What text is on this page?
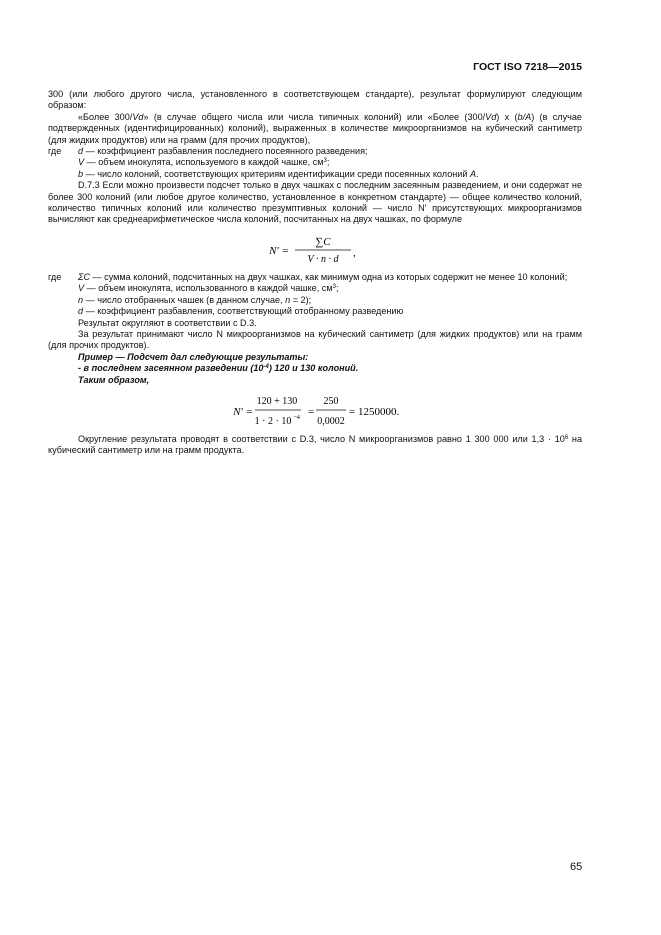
ГОСТ ISO 7218—2015

300 (или любого другого числа, установленного в соответствующем стандарте), результат формулируют следующим образом:

«Более 300/Vd» (в случае общего числа или числа типичных колоний) или «Более (300/Vd) x (b/A) (в случае подтвержденных (идентифицированных) колоний), выраженных в количестве микроорганизмов на кубический сантиметр (для жидких продуктов) или на грамм (для прочих продуктов),

где	d — коэффициент разбавления последнего посеянного разведения;
V — объем инокулята, используемого в каждой чашке, $см^3$;
b — число колоний, соответствующих критериям идентификации среди посеянных колоний A.

D.7.3 Если можно произвести подсчет только в двух чашках с последним засеянным разведением, и они содержат не более 300 колоний (или любое другое количество, установленное в конкретном стандарте) — общее количество колоний, количество типичных колоний или количество презумптивных колоний — число N′ присутствующих микроорганизмов вычисляют как среднеарифметическое числа колоний, посчитанных на двух чашках, по формуле

N′ =
∑C
V · n · d
,
где	ΣC — сумма колоний, подсчитанных на двух чашках, как минимум одна из которых содержит не менее 10 колоний;
V — объем инокулята, использованного в каждой чашке, $см^3$;
n — число отобранных чашек (в данном случае, n = 2);
d — коэффициент разбавления, соответствующий отобранному разведению

Результат округляют в соответствии с D.3.

За результат принимают число N микроорганизмов на кубический сантиметр (для жидких продуктов) или на грамм (для прочих продуктов).

Пример — Подсчет дал следующие результаты:
- в последнем засеянном разведении $(10^{-4})$ 120 и 130 колоний.
Таким образом,
N′ =
120 + 130
1 · 2 · 10 −4 =
250
0,0002
= 1250000.

Округление результата проводят в соответствии с D.3, число N микроорганизмов равно 1 300 000 или $1,3 \cdot 10^6$ на кубический сантиметр или на грамм продукта.

65
